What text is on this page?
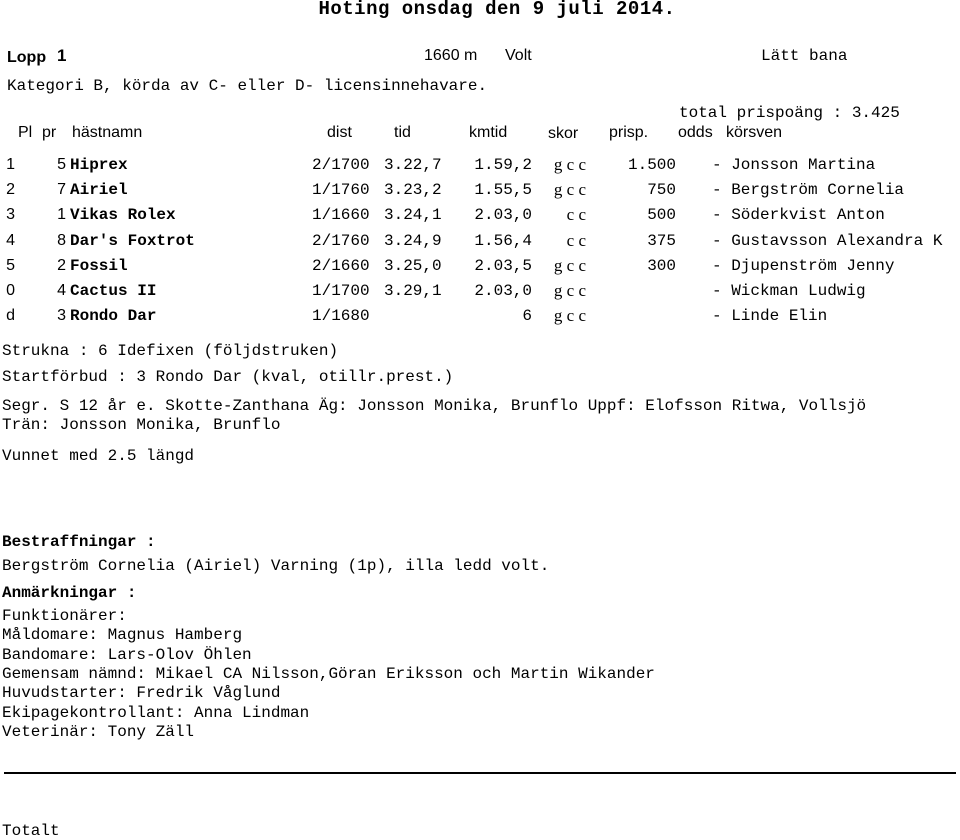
Hoting onsdag den 9 juli 2014.
Lopp 1	1660 m Volt	Lätt bana
Kategori B, körda av C- eller D- licensinnehavare.
total prispoäng : 3.425
Pl pr hästnamn	dist	tid	kmtid	skor prisp. odds körsven
1	5 Hiprex	2/1700 3.22,7	1.59,2	g c c	1.500 - Jonsson Martina
2	7 Airiel	1/1760 3.23,2	1.55,5	g c c	750 - Bergström Cornelia
3	1 Vikas Rolex	1/1660 3.24,1	2.03,0	c c	500 - Söderkvist Anton
4	8 Dar's Foxtrot	2/1760 3.24,9	1.56,4	c c	375 - Gustavsson Alexandra K
5	2 Fossil	2/1660 3.25,0	2.03,5	g c c	300 - Djupenström Jenny
0	4 Cactus II	1/1700 3.29,1	2.03,0	g c c	- Wickman Ludwig
d	3 Rondo Dar	1/1680	6	g c c	- Linde Elin
Strukna : 6 Idefixen (följdstruken)
Startförbud : 3 Rondo Dar (kval, otillr.prest.)
Segr. S 12 år e. Skotte-Zanthana Äg: Jonsson Monika, Brunflo Uppf: Elofsson Ritwa, Vollsjö
Trän: Jonsson Monika, Brunflo
Vunnet med 2.5 längd
Bestraffningar :
Bergström Cornelia (Airiel) Varning (1p), illa ledd volt.
Anmärkningar :
Funktionärer:
Måldomare: Magnus Hamberg
Bandomare: Lars-Olov Öhlen
Gemensam nämnd: Mikael CA Nilsson,Göran Eriksson och Martin Wikander
Huvudstarter: Fredrik Våglund
Ekipagekontrollant: Anna Lindman
Veterinär: Tony Zäll
Totalt
